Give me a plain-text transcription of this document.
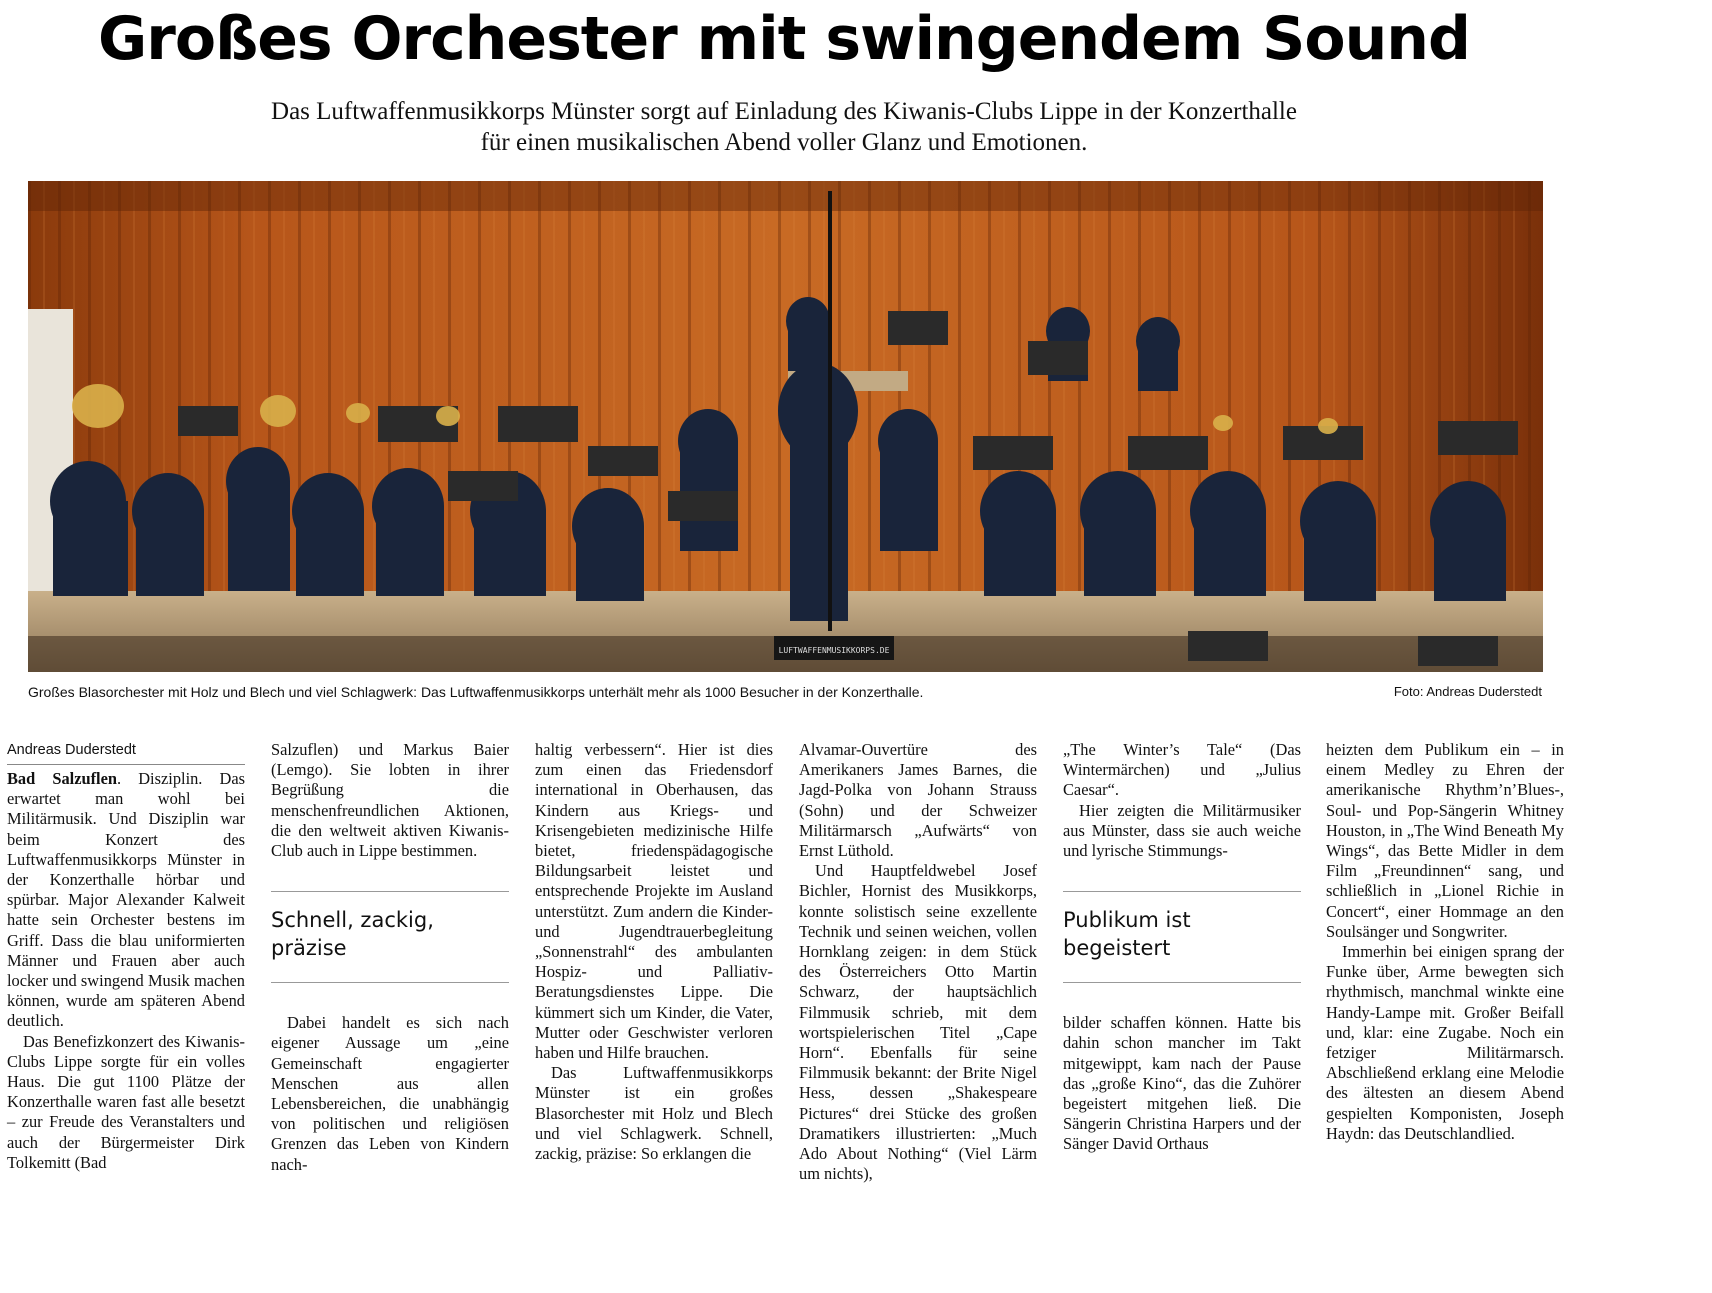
Großes Orchester mit swingendem Sound
Das Luftwaffenmusikkorps Münster sorgt auf Einladung des Kiwanis-Clubs Lippe in der Konzerthalle
für einen musikalischen Abend voller Glanz und Emotionen.
LUFTWAFFENMUSIKKORPS.DE
Großes Blasorchester mit Holz und Blech und viel Schlagwerk: Das Luftwaffenmusikkorps unterhält mehr als 1000 Besucher in der Konzerthalle.	Foto: Andreas Duderstedt
Andreas Duderstedt

Bad Salzuflen. Disziplin. Das erwartet man wohl bei Militärmusik. Und Disziplin war beim Konzert des Luftwaffenmusikkorps Münster in der Konzerthalle hörbar und spürbar. Major Alexander Kalweit hatte sein Orchester bestens im Griff. Dass die blau uniformierten Männer und Frauen aber auch locker und swingend Musik machen können, wurde am späteren Abend deutlich.

Das Benefizkonzert des Kiwanis-Clubs Lippe sorgte für ein volles Haus. Die gut 1100 Plätze der Konzerthalle waren fast alle besetzt – zur Freude des Veranstalters und auch der Bürgermeister Dirk Tolkemitt (Bad

Salzuflen) und Markus Baier (Lemgo). Sie lobten in ihrer Begrüßung die menschenfreundlichen Aktionen, die den weltweit aktiven Kiwanis-Club auch in Lippe bestimmen.

Schnell, zackig, präzise

Dabei handelt es sich nach eigener Aussage um „eine Gemeinschaft engagierter Menschen aus allen Lebensbereichen, die unabhängig von politischen und religiösen Grenzen das Leben von Kindern nach-

haltig verbessern“. Hier ist dies zum einen das Friedensdorf international in Oberhausen, das Kindern aus Kriegs- und Krisengebieten medizinische Hilfe bietet, friedenspädagogische Bildungsarbeit leistet und entsprechende Projekte im Ausland unterstützt. Zum andern die Kinder- und Jugendtrauerbegleitung „Sonnenstrahl“ des ambulanten Hospiz- und Palliativ-Beratungsdienstes Lippe. Die kümmert sich um Kinder, die Vater, Mutter oder Geschwister verloren haben und Hilfe brauchen.

Das Luftwaffenmusikkorps Münster ist ein großes Blasorchester mit Holz und Blech und viel Schlagwerk. Schnell, zackig, präzise: So erklangen die

Alvamar-Ouvertüre des Amerikaners James Barnes, die Jagd-Polka von Johann Strauss (Sohn) und der Schweizer Militärmarsch „Aufwärts“ von Ernst Lüthold.

Und Hauptfeldwebel Josef Bichler, Hornist des Musikkorps, konnte solistisch seine exzellente Technik und seinen weichen, vollen Hornklang zeigen: in dem Stück des Österreichers Otto Martin Schwarz, der hauptsächlich Filmmusik schrieb, mit dem wortspielerischen Titel „Cape Horn“. Ebenfalls für seine Filmmusik bekannt: der Brite Nigel Hess, dessen „Shakespeare Pictures“ drei Stücke des großen Dramatikers illustrierten: „Much Ado About Nothing“ (Viel Lärm um nichts),

„The Winter’s Tale“ (Das Wintermärchen) und „Julius Caesar“.

Hier zeigten die Militärmusiker aus Münster, dass sie auch weiche und lyrische Stimmungs-

Publikum ist begeistert

bilder schaffen können. Hatte bis dahin schon mancher im Takt mitgewippt, kam nach der Pause das „große Kino“, das die Zuhörer begeistert mitgehen ließ. Die Sängerin Christina Harpers und der Sänger David Orthaus

heizten dem Publikum ein – in einem Medley zu Ehren der amerikanische Rhythm’n’Blues-, Soul- und Pop-Sängerin Whitney Houston, in „The Wind Beneath My Wings“, das Bette Midler in dem Film „Freundinnen“ sang, und schließlich in „Lionel Richie in Concert“, einer Hommage an den Soulsänger und Songwriter.

Immerhin bei einigen sprang der Funke über, Arme bewegten sich rhythmisch, manchmal winkte eine Handy-Lampe mit. Großer Beifall und, klar: eine Zugabe. Noch ein fetziger Militärmarsch. Abschließend erklang eine Melodie des ältesten an diesem Abend gespielten Komponisten, Joseph Haydn: das Deutschlandlied.
